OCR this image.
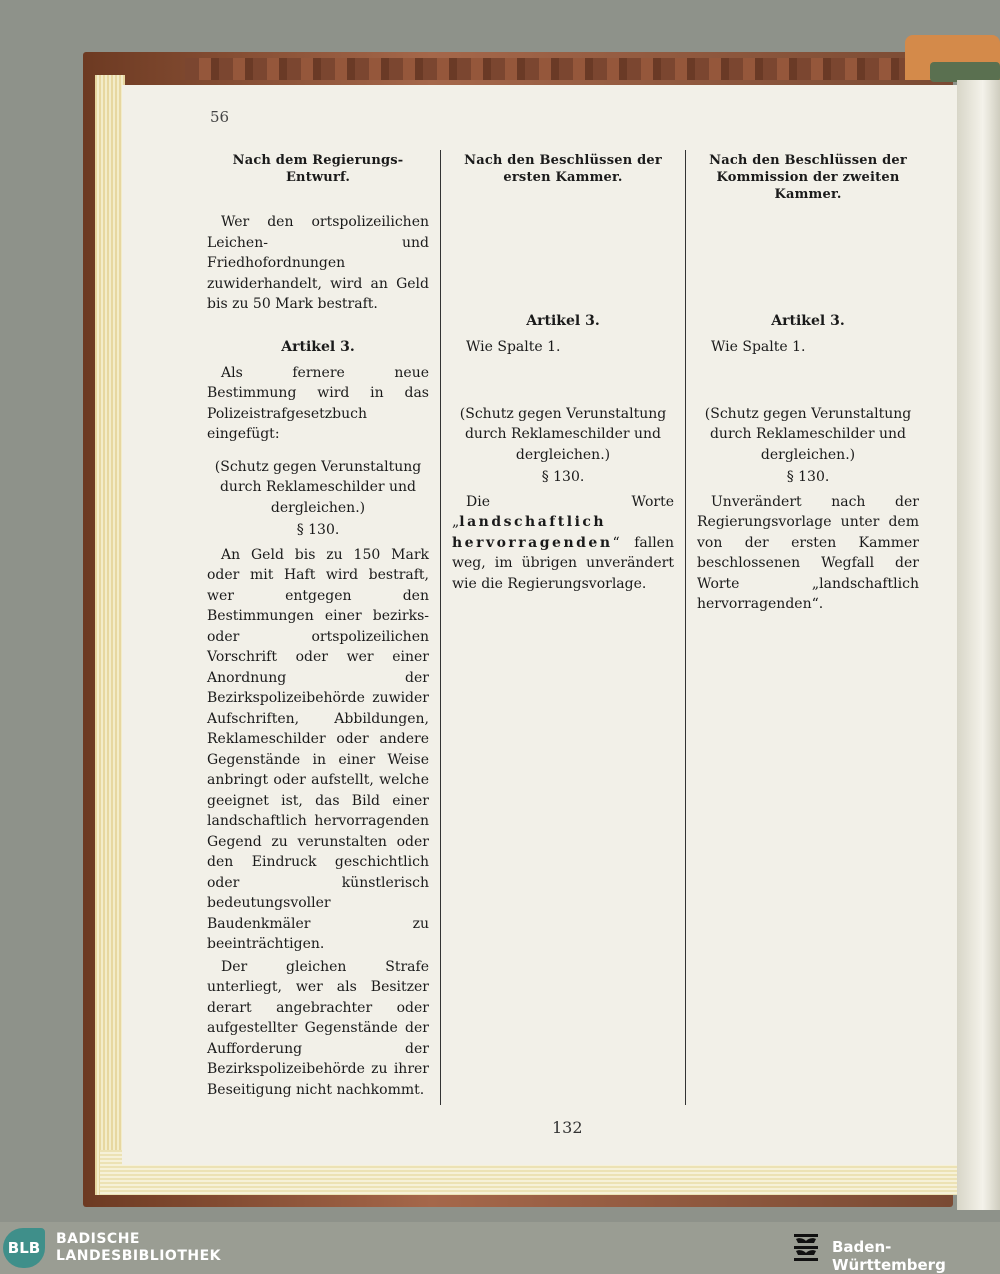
56
Nach dem Regierungs-Entwurf.
Wer den ortspolizeilichen Leichen- und Friedhofordnungen zuwiderhandelt, wird an Geld bis zu 50 Mark bestraft.
Artikel 3.
Als fernere neue Bestimmung wird in das Polizeistrafgesetzbuch eingefügt:
(Schutz gegen Verunstaltung durch Reklameschilder und dergleichen.)
§ 130.
An Geld bis zu 150 Mark oder mit Haft wird bestraft, wer entgegen den Bestimmungen einer bezirks- oder ortspolizeilichen Vorschrift oder wer einer Anordnung der Bezirkspolizeibehörde zuwider Aufschriften, Abbildungen, Reklameschilder oder andere Gegenstände in einer Weise anbringt oder aufstellt, welche geeignet ist, das Bild einer landschaftlich hervorragenden Gegend zu verunstalten oder den Eindruck geschichtlich oder künstlerisch bedeutungsvoller Baudenkmäler zu beeinträchtigen.
Der gleichen Strafe unterliegt, wer als Besitzer derart angebrachter oder aufgestellter Gegenstände der Aufforderung der Bezirkspolizeibehörde zu ihrer Beseitigung nicht nachkommt.
Nach den Beschlüssen der ersten Kammer.
Artikel 3.
Wie Spalte 1.
(Schutz gegen Verunstaltung durch Reklameschilder und dergleichen.)
§ 130.
Die Worte „landschaftlich hervorragenden“ fallen weg, im übrigen unverändert wie die Regierungsvorlage.
Nach den Beschlüssen der Kommission der zweiten Kammer.
Artikel 3.
Wie Spalte 1.
(Schutz gegen Verunstaltung durch Reklameschilder und dergleichen.)
§ 130.
Unverändert nach der Regierungsvorlage unter dem von der ersten Kammer beschlossenen Wegfall der Worte „landschaftlich hervorragenden“.
132
BLB	BADISCHE
LANDESBIBLIOTHEK	Baden-Württemberg
